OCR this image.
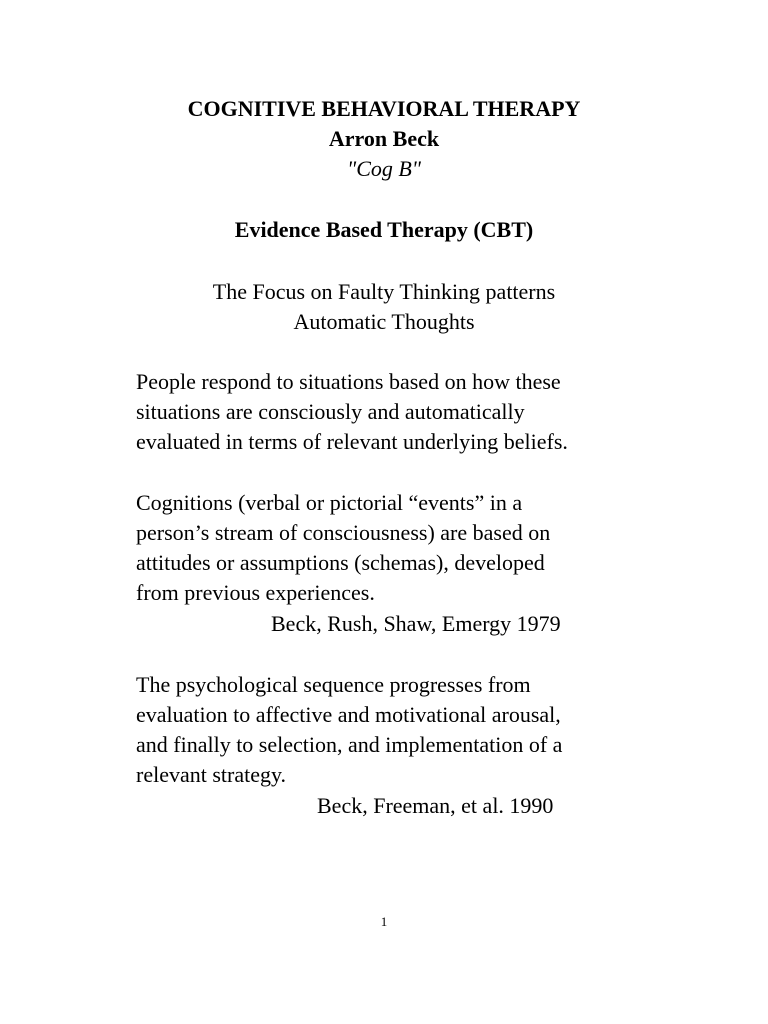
COGNITIVE BEHAVIORAL THERAPY
Arron Beck
"Cog B"
Evidence Based Therapy (CBT)
The Focus on Faulty Thinking patterns
Automatic Thoughts
People respond to situations based on how these
situations are consciously and automatically
evaluated in terms of relevant underlying beliefs.
Cognitions (verbal or pictorial “events” in a
person’s stream of consciousness) are based on
attitudes or assumptions (schemas), developed
from previous experiences.
Beck, Rush, Shaw, Emergy 1979
The psychological sequence progresses from
evaluation to affective and motivational arousal,
and finally to selection, and implementation of a
relevant strategy.
Beck, Freeman, et al. 1990
1
